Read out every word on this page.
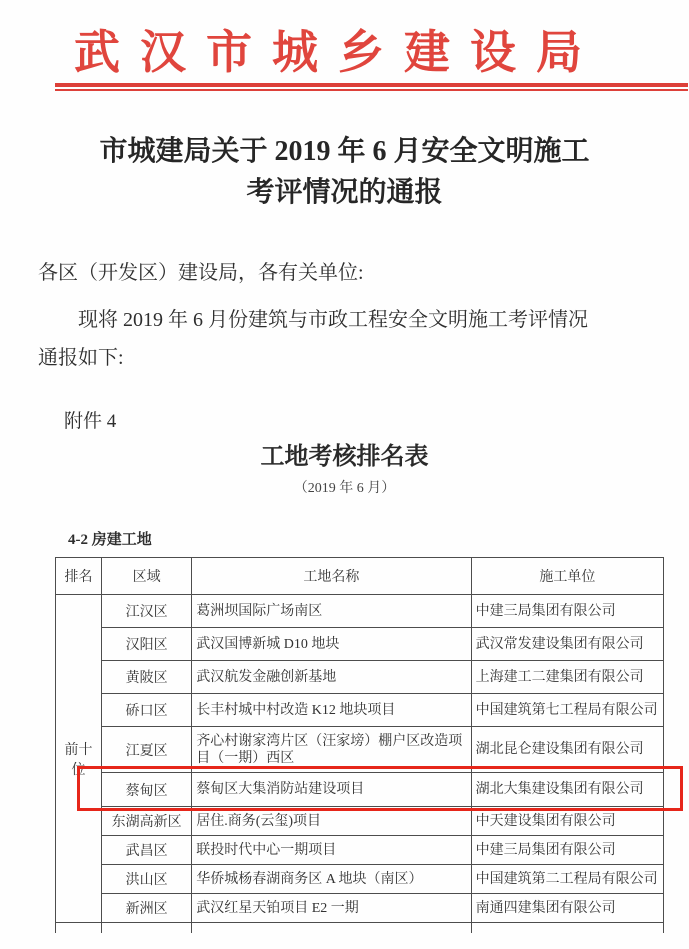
武汉市城乡建设局
市城建局关于 2019 年 6 月安全文明施工
考评情况的通报

各区（开发区）建设局，各有关单位:

现将 2019 年 6 月份建筑与市政工程安全文明施工考评情况

通报如下:

附件 4
工地考核排名表
（2019 年 6 月）
4-2 房建工地
排名	区域	工地名称	施工单位
前十位	江汉区	葛洲坝国际广场南区	中建三局集团有限公司
	汉阳区	武汉国博新城 D10 地块	武汉常发建设集团有限公司
	黄陂区	武汉航发金融创新基地	上海建工二建集团有限公司
	硚口区	长丰村城中村改造 K12 地块项目	中国建筑第七工程局有限公司
	江夏区	齐心村谢家湾片区（汪家塝）棚户区改造项目（一期）西区	湖北昆仑建设集团有限公司
	蔡甸区	蔡甸区大集消防站建设项目	湖北大集建设集团有限公司
	东湖高新区	居住.商务(云玺)项目	中天建设集团有限公司
	武昌区	联投时代中心一期项目	中建三局集团有限公司
	洪山区	华侨城杨春湖商务区 A 地块（南区）	中国建筑第二工程局有限公司
	新洲区	武汉红星天铂项目 E2 一期	南通四建集团有限公司
